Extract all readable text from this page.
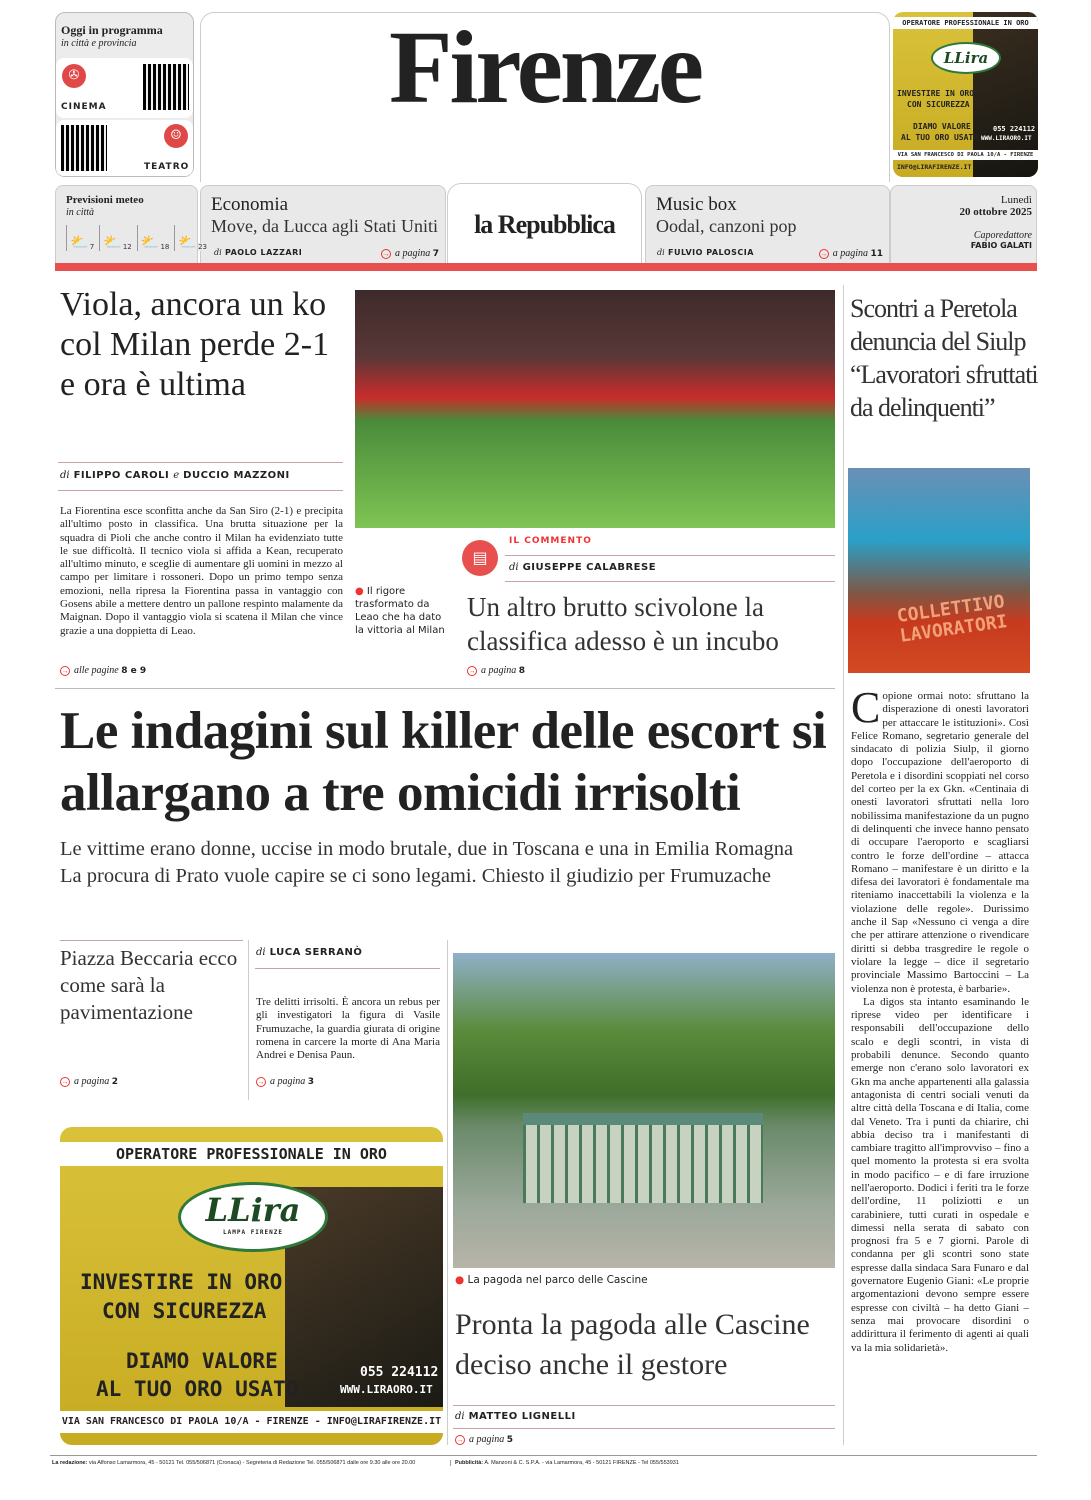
Oggi in programma
in città e provincia
✇
CINEMA
☺
TEATRO
Firenze	OPERATORE PROFESSIONALE IN ORO
LLira
INVESTIRE IN ORO
CON SICUREZZA
DIAMO VALORE
AL TUO ORO USATO
055 224112
WWW.LIRAORO.IT
VIA SAN FRANCESCO DI PAOLA 10/A - FIRENZE
INFO@LIRAFIRENZE.IT
Previsioni meteo
in città
⛅ 7 ⛅ 12 ⛅ 18 ⛅ 23
Economia
Move, da Lucca agli Stati Uniti
di PAOLO LAZZARI	→ a pagina 7
la Repubblica
Music box
Oodal, canzoni pop
di FULVIO PALOSCIA	→ a pagina 11
Lunedì
20 ottobre 2025
Caporedattore
FABIO GALATI
Viola, ancora un ko col Milan perde 2-1 e ora è ultima
di FILIPPO CAROLI e DUCCIO MAZZONI
La Fiorentina esce sconfitta anche da San Siro (2-1) e precipita all'ultimo posto in classifica. Una brutta situazione per la squadra di Pioli che anche contro il Milan ha evidenziato tutte le sue difficoltà. Il tecnico viola si affida a Kean, recuperato all'ultimo minuto, e sceglie di aumentare gli uomini in mezzo al campo per limitare i rossoneri. Dopo un primo tempo senza emozioni, nella ripresa la Fiorentina passa in vantaggio con Gosens abile a mettere dentro un pallone respinto malamente da Maignan. Dopo il vantaggio viola si scatena il Milan che vince grazie a una doppietta di Leao.
→ alle pagine 8 e 9
● Il rigore trasformato da Leao che ha dato la vittoria al Milan
▤
IL COMMENTO
di GIUSEPPE CALABRESE
Un altro brutto scivolone la classifica adesso è un incubo
→ a pagina 8
Scontri a Peretola denuncia del Siulp “Lavoratori sfruttati da delinquenti”
COLLETTIVO LAVORATORI
Copione ormai noto: sfruttano la disperazione di onesti lavoratori per attaccare le istituzioni». Così Felice Romano, segretario generale del sindacato di polizia Siulp, il giorno dopo l'occupazione dell'aeroporto di Peretola e i disordini scoppiati nel corso del corteo per la ex Gkn. «Centinaia di onesti lavoratori sfruttati nella loro nobilissima manifestazione da un pugno di delinquenti che invece hanno pensato di occupare l'aeroporto e scagliarsi contro le forze dell'ordine – attacca Romano – manifestare è un diritto e la difesa dei lavoratori è fondamentale ma riteniamo inaccettabili la violenza e la violazione delle regole». Durissimo anche il Sap «Nessuno ci venga a dire che per attirare attenzione o rivendicare diritti si debba trasgredire le regole o violare la legge – dice il segretario provinciale Massimo Bartoccini – La violenza non è protesta, è barbarie».

La digos sta intanto esaminando le riprese video per identificare i responsabili dell'occupazione dello scalo e degli scontri, in vista di probabili denunce. Secondo quanto emerge non c'erano solo lavoratori ex Gkn ma anche appartenenti alla galassia antagonista di centri sociali venuti da altre città della Toscana e di Italia, come dal Veneto. Tra i punti da chiarire, chi abbia deciso tra i manifestanti di cambiare tragitto all'improvviso – fino a quel momento la protesta si era svolta in modo pacifico – e di fare irruzione nell'aeroporto. Dodici i feriti tra le forze dell'ordine, 11 poliziotti e un carabiniere, tutti curati in ospedale e dimessi nella serata di sabato con prognosi fra 5 e 7 giorni. Parole di condanna per gli scontri sono state espresse dalla sindaca Sara Funaro e dal governatore Eugenio Giani: «Le proprie argomentazioni devono sempre essere espresse con civiltà – ha detto Giani – senza mai provocare disordini o addirittura il ferimento di agenti ai quali va la mia solidarietà».

Le indagini sul killer delle escort si allargano a tre omicidi irrisolti
Le vittime erano donne, uccise in modo brutale, due in Toscana e una in Emilia Romagna
La procura di Prato vuole capire se ci sono legami. Chiesto il giudizio per Frumuzache
Piazza Beccaria ecco come sarà la pavimentazione
→ a pagina 2
di LUCA SERRANÒ
Tre delitti irrisolti. È ancora un rebus per gli investigatori la figura di Vasile Frumuzache, la guardia giurata di origine romena in carcere la morte di Ana Maria Andrei e Denisa Paun.
→ a pagina 3
OPERATORE PROFESSIONALE IN ORO
LLira
LAMPA FIRENZE
INVESTIRE IN ORO
CON SICUREZZA
DIAMO VALORE
AL TUO ORO USATO
055 224112
WWW.LIRAORO.IT
VIA SAN FRANCESCO DI PAOLA 10/A - FIRENZE - INFO@LIRAFIRENZE.IT
● La pagoda nel parco delle Cascine
Pronta la pagoda alle Cascine deciso anche il gestore
di MATTEO LIGNELLI
→ a pagina 5
La redazione: via Alfonso Lamarmora, 45 - 50121 Tel. 055/506871 (Cronaca) - Segreteria di Redazione Tel. 055/506871 dalle ore 9.30 alle ore 20.00	Pubblicità: A. Manzoni & C. S.P.A. - via Lamarmora, 45 - 50121 FIRENZE - Tel 055/553931
